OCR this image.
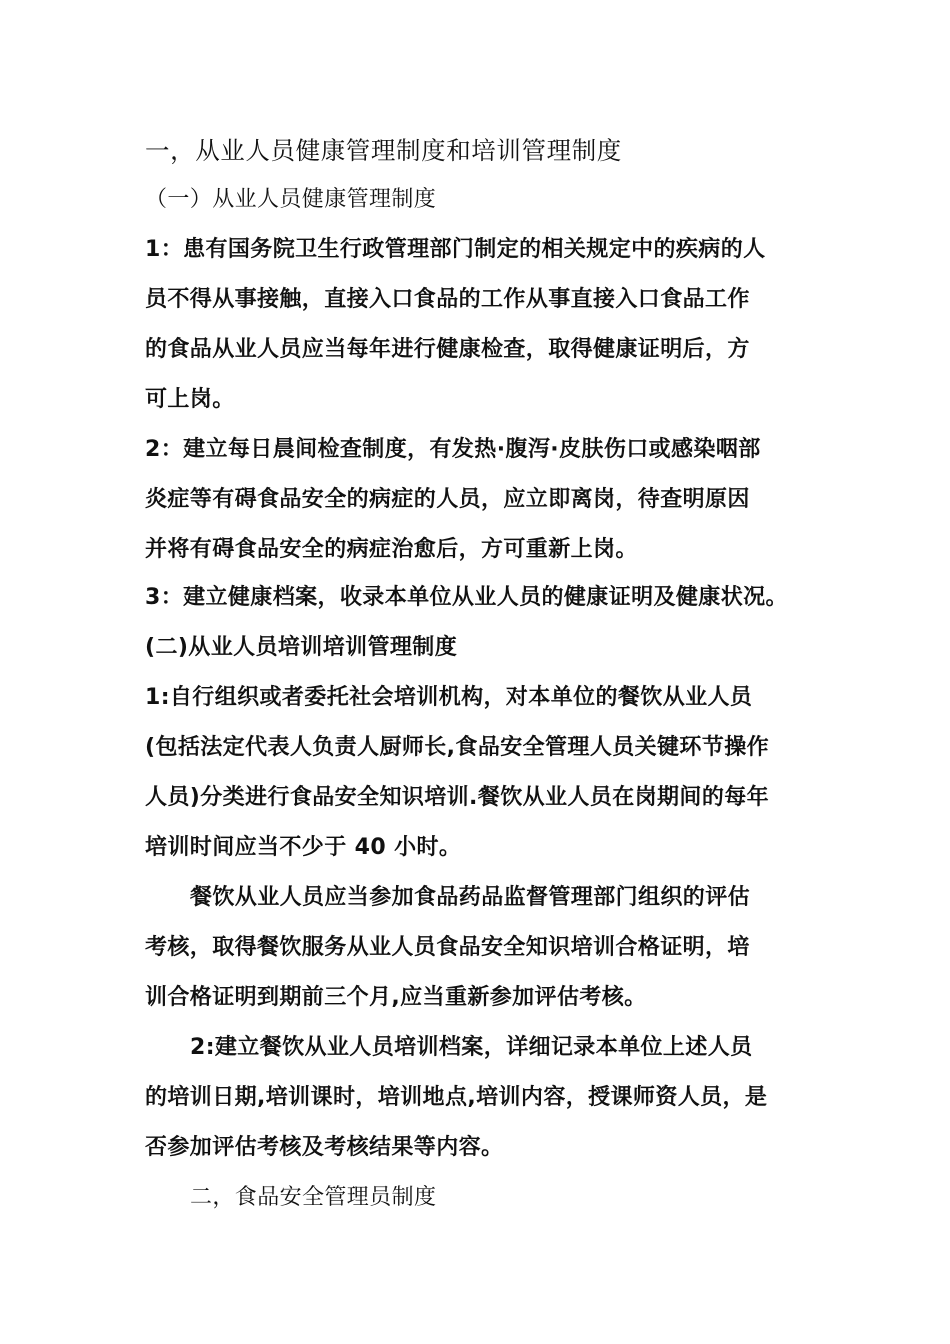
一，从业人员健康管理制度和培训管理制度
（一）从业人员健康管理制度
1：患有国务院卫生行政管理部门制定的相关规定中的疾病的人
员不得从事接触，直接入口食品的工作从事直接入口食品工作
的食品从业人员应当每年进行健康检查，取得健康证明后，方
可上岗。
2：建立每日晨间检查制度，有发热·腹泻·皮肤伤口或感染咽部
炎症等有碍食品安全的病症的人员，应立即离岗，待查明原因
并将有碍食品安全的病症治愈后，方可重新上岗。
3：建立健康档案，收录本单位从业人员的健康证明及健康状况。
(二)从业人员培训培训管理制度
1:自行组织或者委托社会培训机构，对本单位的餐饮从业人员
(包括法定代表人负责人厨师长,食品安全管理人员关键环节操作
人员)分类进行食品安全知识培训.餐饮从业人员在岗期间的每年
培训时间应当不少于 40 小时。
餐饮从业人员应当参加食品药品监督管理部门组织的评估
考核，取得餐饮服务从业人员食品安全知识培训合格证明，培
训合格证明到期前三个月,应当重新参加评估考核。
2:建立餐饮从业人员培训档案，详细记录本单位上述人员
的培训日期,培训课时，培训地点,培训内容，授课师资人员，是
否参加评估考核及考核结果等内容。
二，食品安全管理员制度
